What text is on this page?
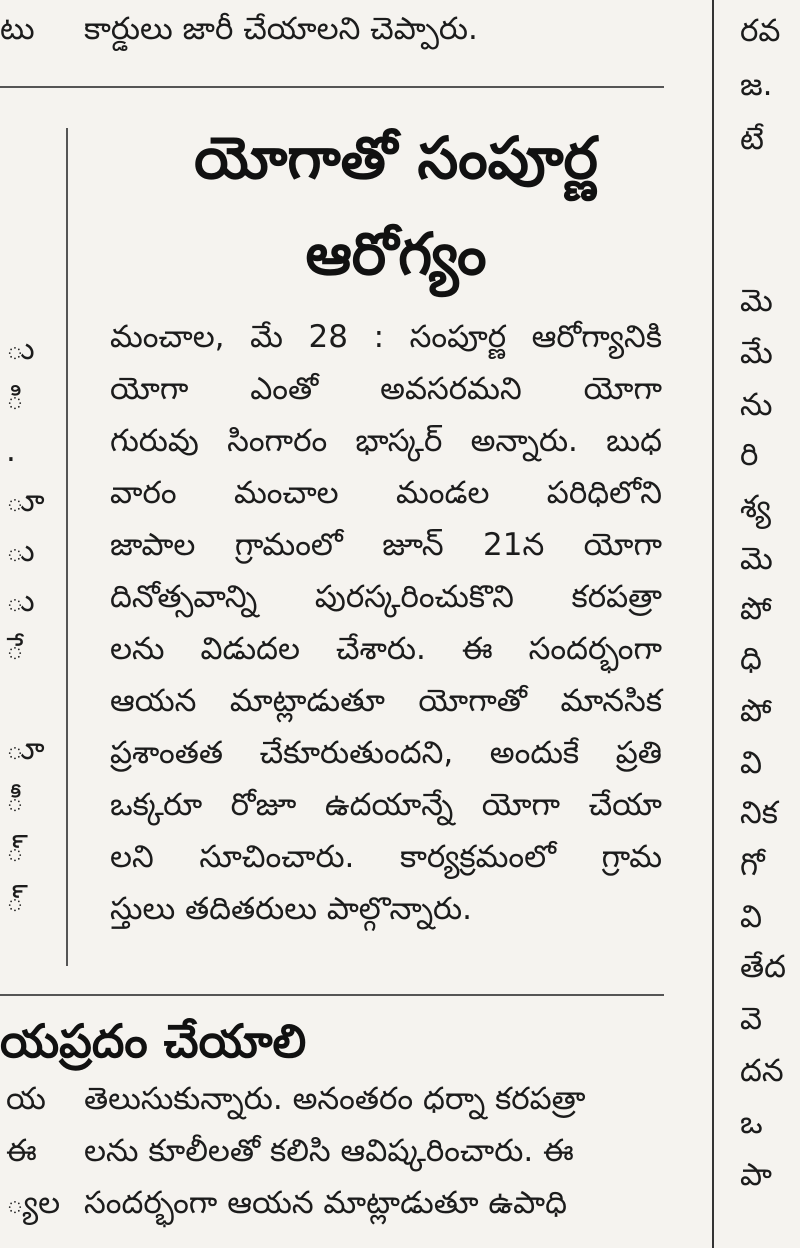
టు కార్డులు జారీ చేయాలని చెప్పారు.	రవ
జ.
టే
యోగాతో సంపూర్ణ
ఆరోగ్యం
మంచాల, మే 28 : సంపూర్ణ ఆరోగ్యానికి
యోగా ఎంతో అవసరమని యోగా
గురువు సింగారం భాస్కర్ అన్నారు. బుధ
వారం మంచాల మండల పరిధిలోని
జాపాల గ్రామంలో జూన్ 21న యోగా
దినోత్సవాన్ని పురస్కరించుకొని కరపత్రా
లను విడుదల చేశారు. ఈ సందర్భంగా
ఆయన మాట్లాడుతూ యోగాతో మానసిక
ప్రశాంతత చేకూరుతుందని, అందుకే ప్రతి
ఒక్కరూ రోజూ ఉదయాన్నే యోగా చేయా
లని సూచించారు. కార్యక్రమంలో గ్రామ
స్తులు తదితరులు పాల్గొన్నారు.
ు
ి
.
ూ
ు
ు
ే
ూ
ీ
్
్
మె
మే
ను
రి
శ్య
మె
పో
ధి
పో
వి
నిక
గో
వి
తేద
వె
దన
ఒ
పా
యప్రదం చేయాలి
య
ఈ
్యల
తెలుసుకున్నారు. అనంతరం ధర్నా కరపత్రా
లను కూలీలతో కలిసి ఆవిష్కరించారు. ఈ
సందర్భంగా ఆయన మాట్లాడుతూ ఉపాధి
